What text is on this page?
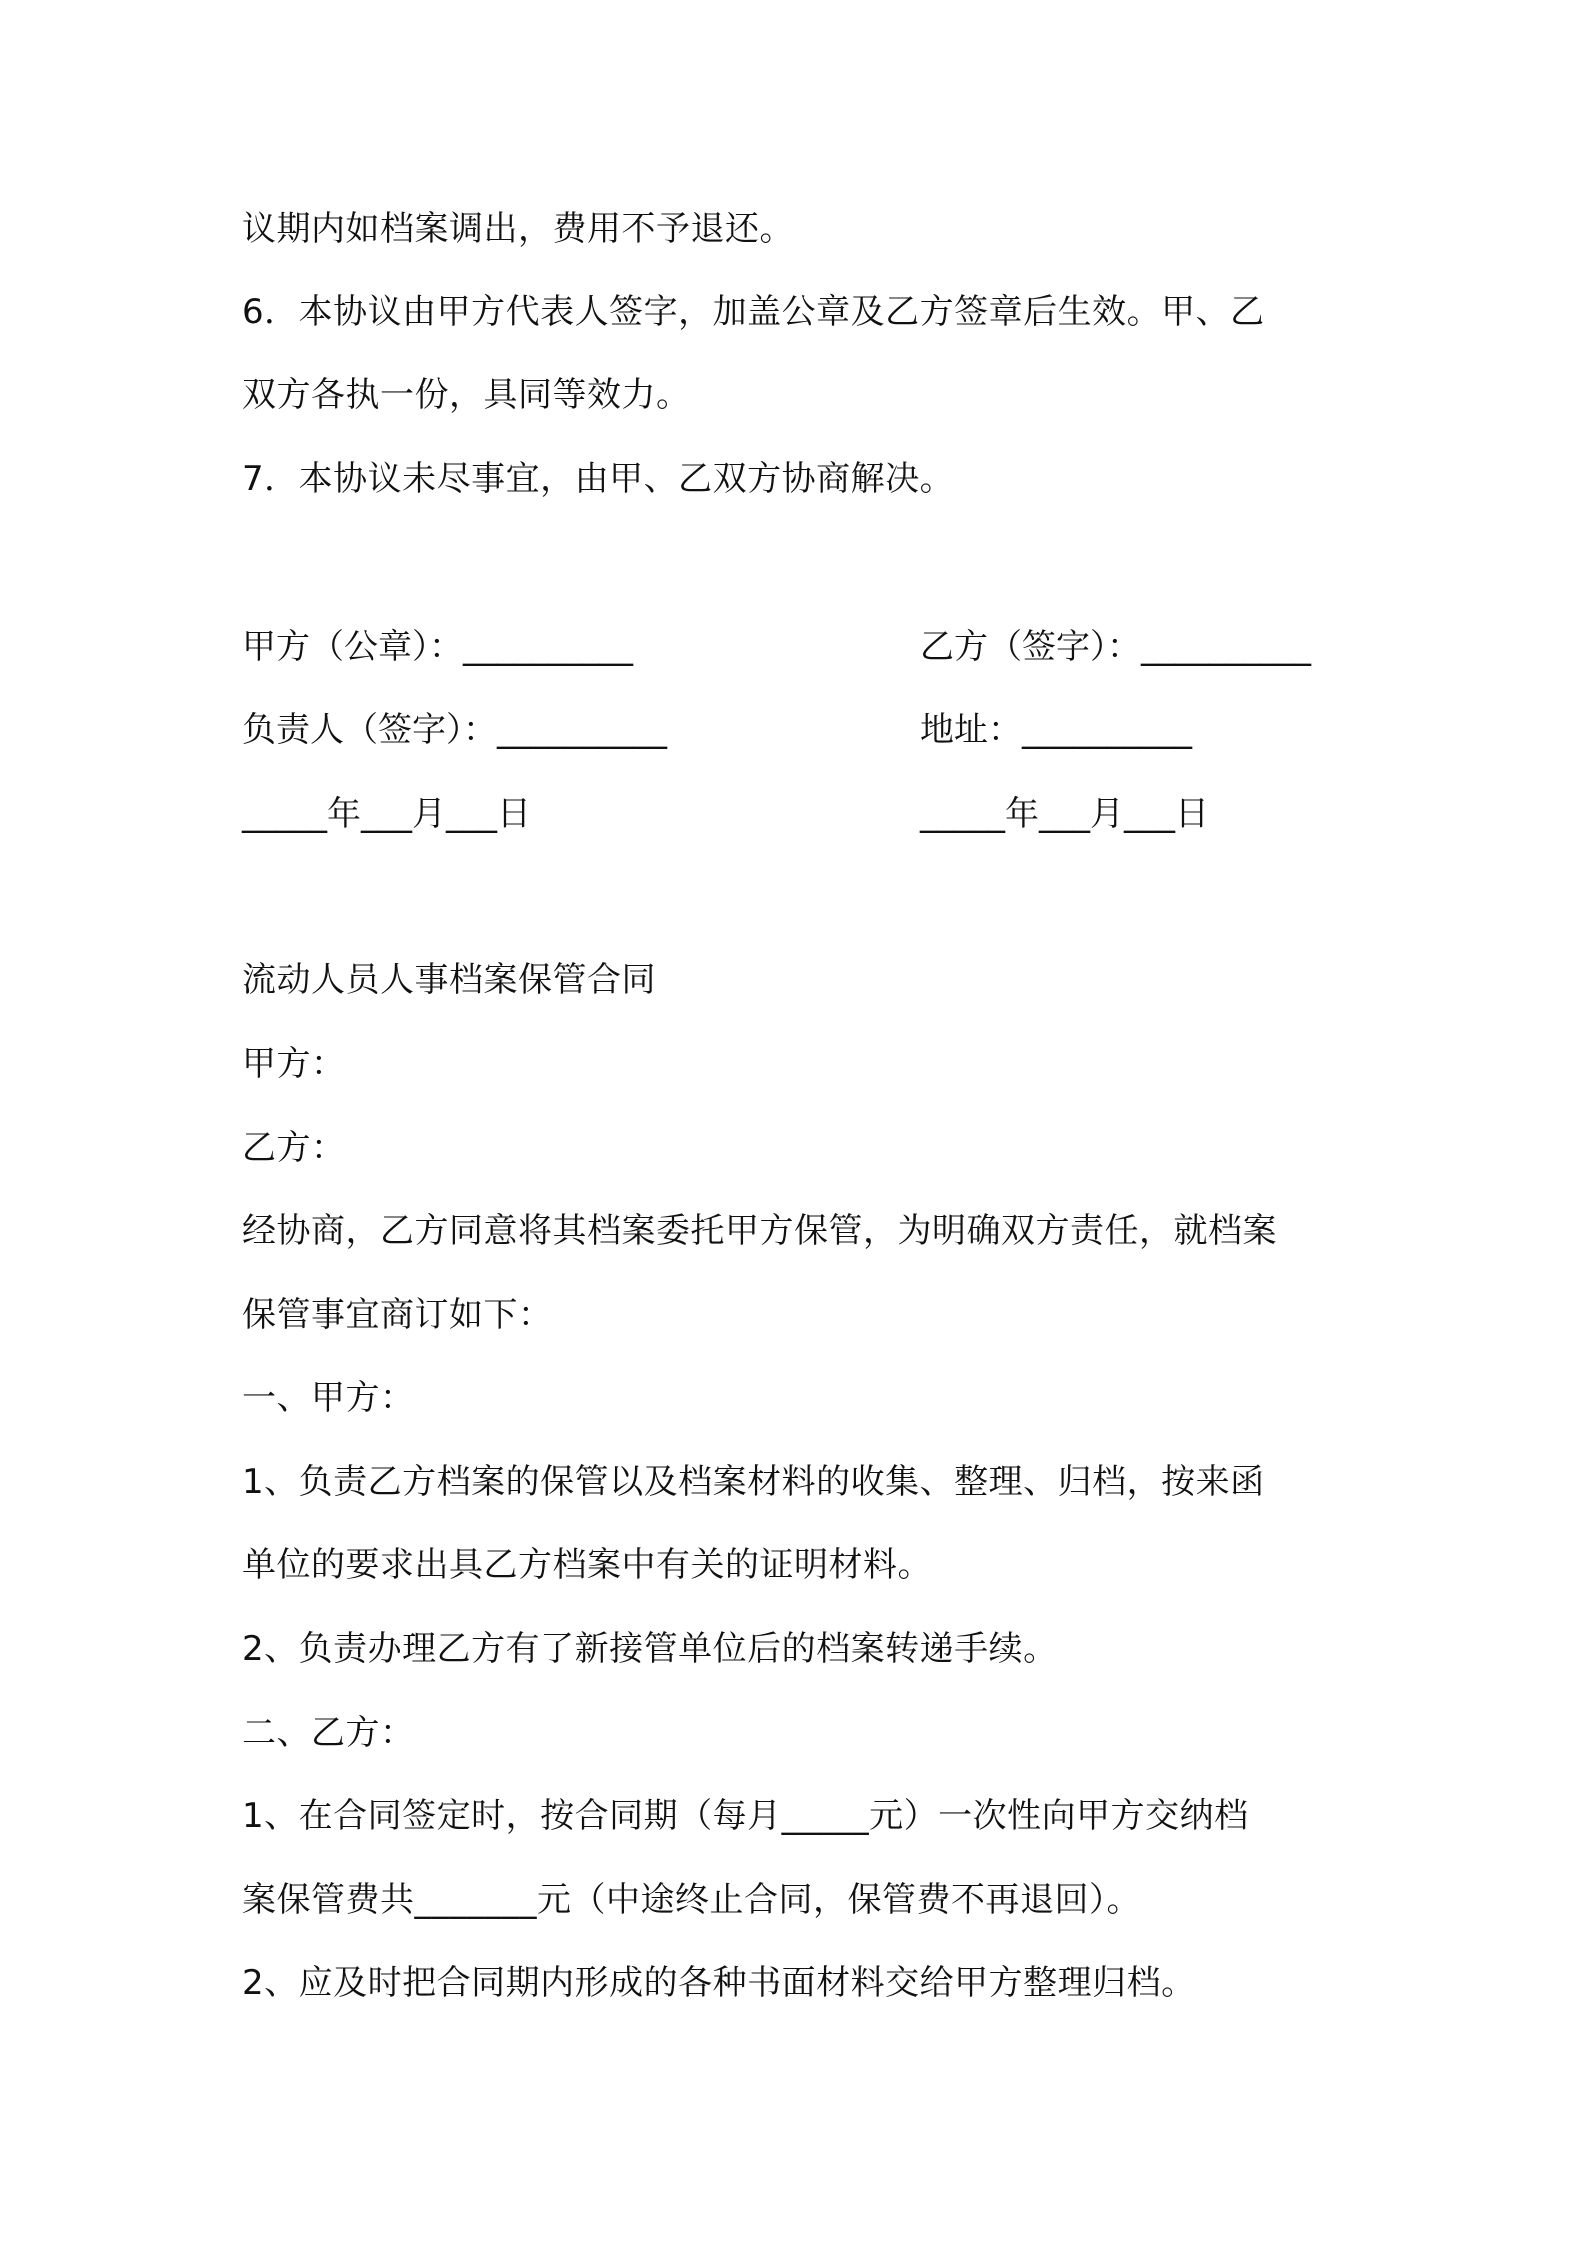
议期内如档案调出，费用不予退还。
6．本协议由甲方代表人签字，加盖公章及乙方签章后生效。甲、乙
双方各执一份，具同等效力。
7．本协议未尽事宜，由甲、乙双方协商解决。
甲方（公章）：__________	乙方（签字）：__________
负责人（签字）：__________	地址：__________
_____年___月___日	_____年___月___日
流动人员人事档案保管合同
甲方：
乙方：
经协商，乙方同意将其档案委托甲方保管，为明确双方责任，就档案
保管事宜商订如下：
一、甲方：
1、负责乙方档案的保管以及档案材料的收集、整理、归档，按来函
单位的要求出具乙方档案中有关的证明材料。
2、负责办理乙方有了新接管单位后的档案转递手续。
二、乙方：
1、在合同签定时，按合同期（每月_____元）一次性向甲方交纳档
案保管费共_______元（中途终止合同，保管费不再退回）。
2、应及时把合同期内形成的各种书面材料交给甲方整理归档。
